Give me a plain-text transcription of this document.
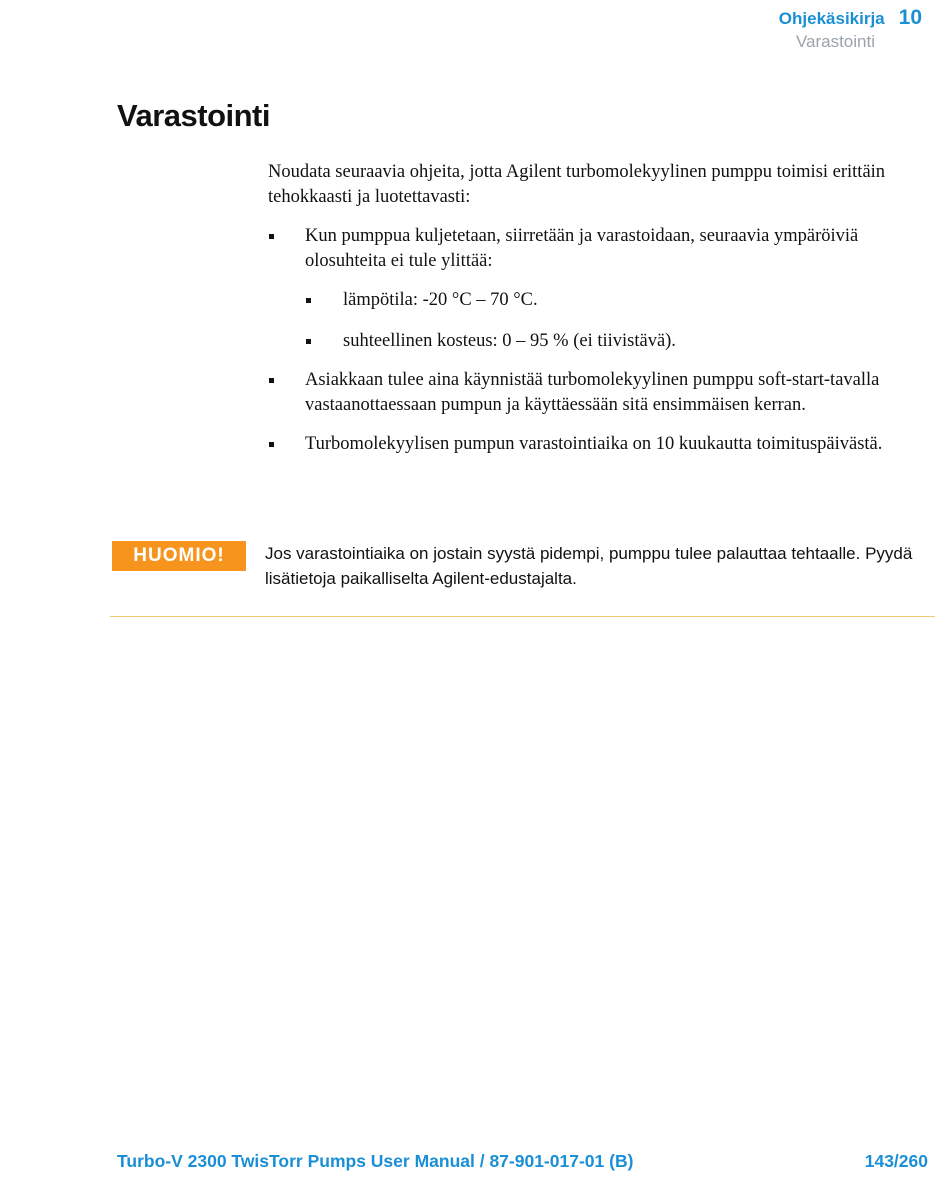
Ohjekäsikirja 10
Varastointi
Varastointi

Noudata seuraavia ohjeita, jotta Agilent turbomolekyylinen pumppu toimisi erittäin tehokkaasti ja luotettavasti:

Kun pumppua kuljetetaan, siirretään ja varastoidaan, seuraavia ympäröiviä olosuhteita ei tule ylittää:
lämpötila: -20 °C – 70 °C.
suhteellinen kosteus: 0 – 95 % (ei tiivistävä).
Asiakkaan tulee aina käynnistää turbomolekyylinen pumppu soft-start-tavalla vastaanottaessaan pumpun ja käyttäessään sitä ensimmäisen kerran.
Turbomolekyylisen pumpun varastointiaika on 10 kuukautta toimituspäivästä.
HUOMIO!	Jos varastointiaika on jostain syystä pidempi, pumppu tulee palauttaa tehtaalle. Pyydä lisätietoja paikalliselta Agilent-edustajalta.
Turbo-V 2300 TwisTorr Pumps User Manual / 87-901-017-01 (B)	143/260
